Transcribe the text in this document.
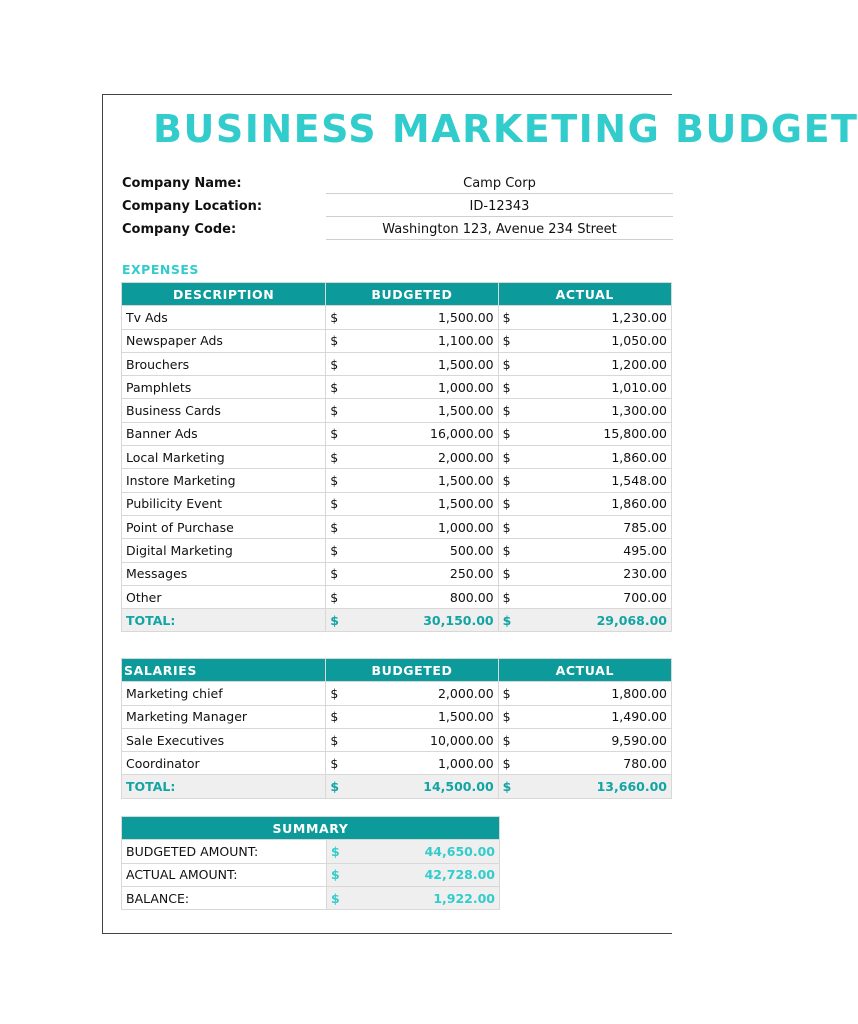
BUSINESS MARKETING BUDGET
Company Name:	Camp Corp
Company Location:	ID-12343
Company Code:	Washington 123, Avenue 234 Street
EXPENSES
DESCRIPTION	BUDGETED		ACTUAL	
Tv Ads	$	1,500.00	$	1,230.00
Newspaper Ads	$	1,100.00	$	1,050.00
Brouchers	$	1,500.00	$	1,200.00
Pamphlets	$	1,000.00	$	1,010.00
Business Cards	$	1,500.00	$	1,300.00
Banner Ads	$	16,000.00	$	15,800.00
Local Marketing	$	2,000.00	$	1,860.00
Instore Marketing	$	1,500.00	$	1,548.00
Pubilicity Event	$	1,500.00	$	1,860.00
Point of Purchase	$	1,000.00	$	785.00
Digital Marketing	$	500.00	$	495.00
Messages	$	250.00	$	230.00
Other	$	800.00	$	700.00
TOTAL:	$	30,150.00	$	29,068.00
SALARIES	BUDGETED		ACTUAL	
Marketing chief	$	2,000.00	$	1,800.00
Marketing Manager	$	1,500.00	$	1,490.00
Sale Executives	$	10,000.00	$	9,590.00
Coordinator	$	1,000.00	$	780.00
TOTAL:	$	14,500.00	$	13,660.00
SUMMARY		
BUDGETED AMOUNT:	$	44,650.00
ACTUAL AMOUNT:	$	42,728.00
BALANCE:	$	1,922.00
